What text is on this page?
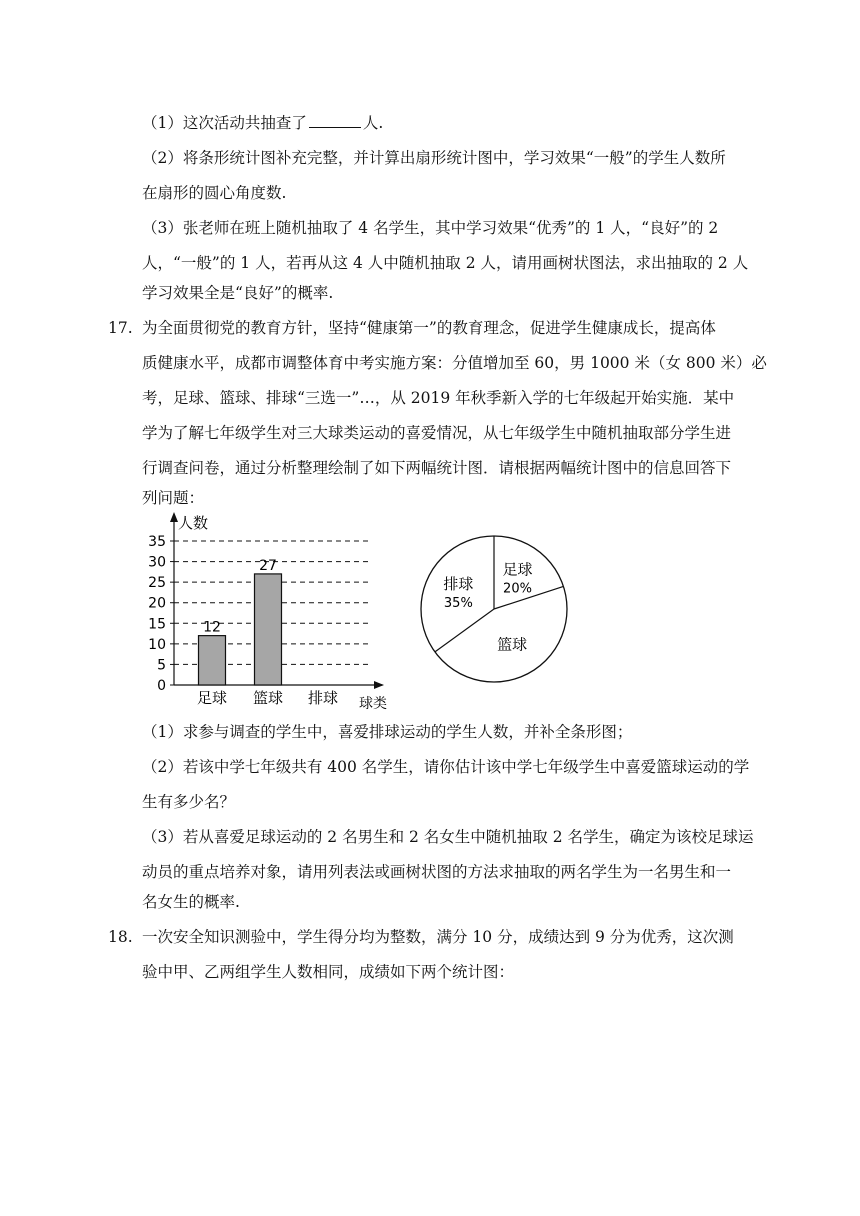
（1）这次活动共抽查了	人.
（2）将条形统计图补充完整，并计算出扇形统计图中，学习效果“一般”的学生人数所
在扇形的圆心角度数.
（3）张老师在班上随机抽取了 4 名学生，其中学习效果“优秀”的 1 人，“良好”的 2
人，“一般”的 1 人，若再从这 4 人中随机抽取 2 人，请用画树状图法，求出抽取的 2 人
学习效果全是“良好”的概率.
17. 为全面贯彻党的教育方针，坚持“健康第一”的教育理念，促进学生健康成长，提高体
质健康水平，成都市调整体育中考实施方案：分值增加至 60，男 1000 米（女 800 米）必
考，足球、篮球、排球“三选一”…，从 2019 年秋季新入学的七年级起开始实施．某中
学为了解七年级学生对三大球类运动的喜爱情况，从七年级学生中随机抽取部分学生进
行调查问卷，通过分析整理绘制了如下两幅统计图．请根据两幅统计图中的信息回答下
列问题：
人数
球类
0
5
10
15
20
25
30
35
12
27
足球 篮球 排球
足球
20%
篮球
排球
35%
（1）求参与调查的学生中，喜爱排球运动的学生人数，并补全条形图；
（2）若该中学七年级共有 400 名学生，请你估计该中学七年级学生中喜爱篮球运动的学
生有多少名？
（3）若从喜爱足球运动的 2 名男生和 2 名女生中随机抽取 2 名学生，确定为该校足球运
动员的重点培养对象，请用列表法或画树状图的方法求抽取的两名学生为一名男生和一
名女生的概率.
18. 一次安全知识测验中，学生得分均为整数，满分 10 分，成绩达到 9 分为优秀，这次测
验中甲、乙两组学生人数相同，成绩如下两个统计图：
